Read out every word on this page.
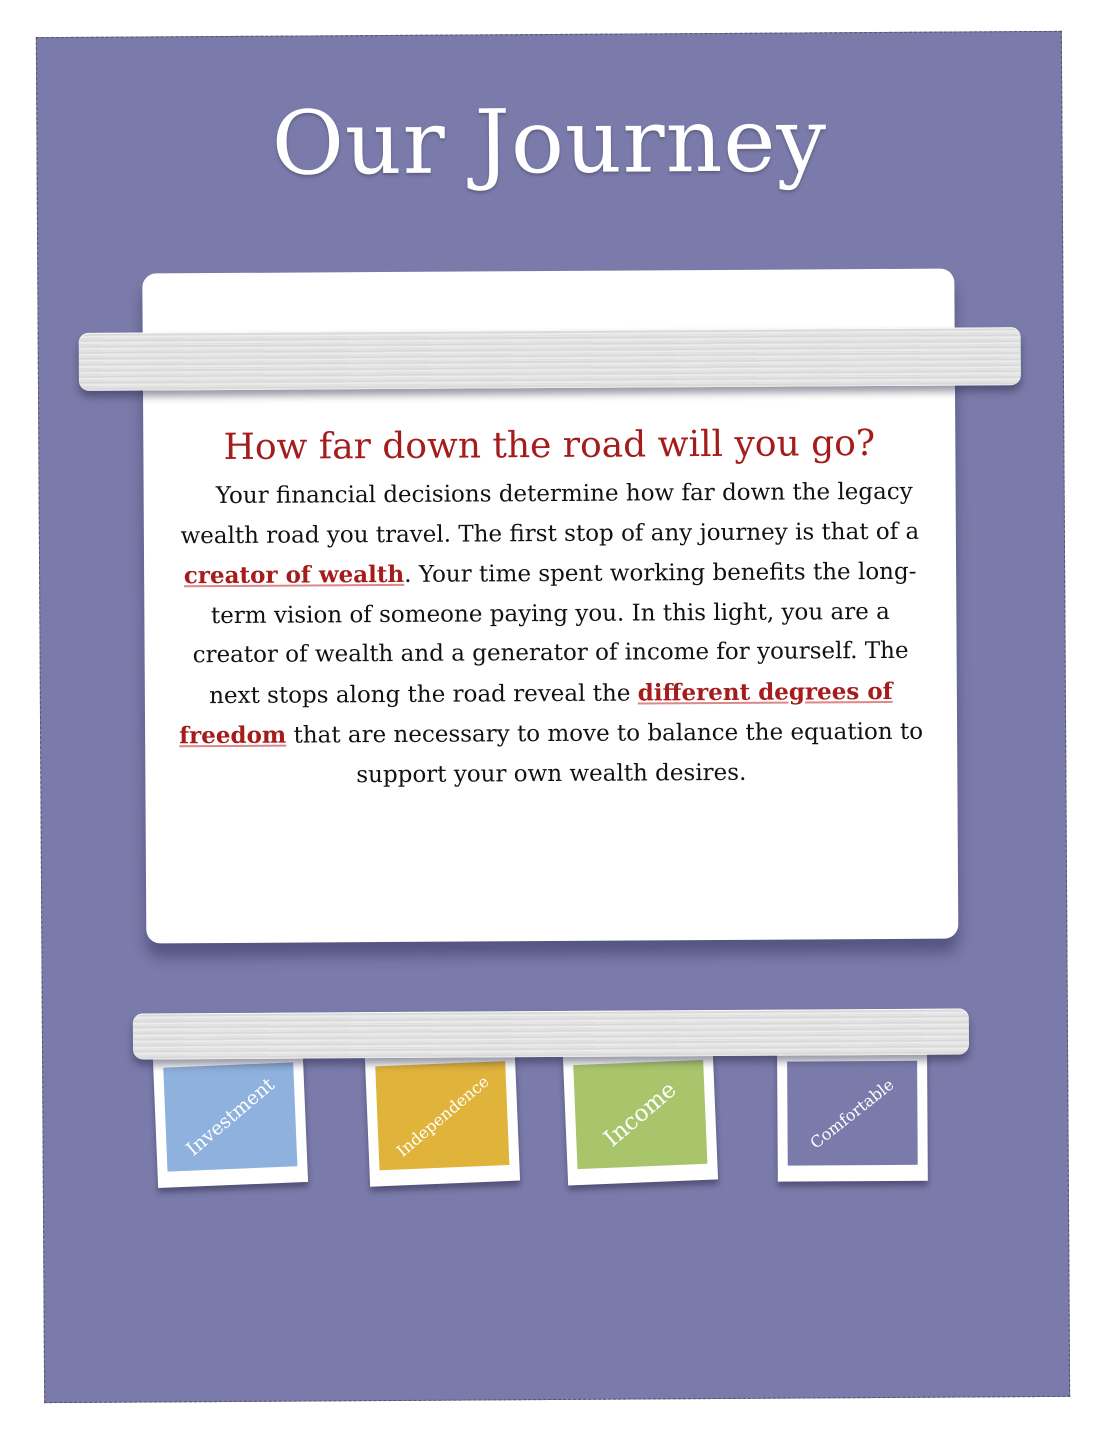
Our Journey
How far down the road will you go?
Your financial decisions determine how far down the legacy wealth road you travel. The first stop of any journey is that of a creator of wealth. Your time spent working benefits the long-term vision of someone paying you. In this light, you are a creator of wealth and a generator of income for yourself. The next stops along the road reveal the different degrees of freedom that are necessary to move to balance the equation to support your own wealth desires.
Investment	Independence	Income	Comfortable
